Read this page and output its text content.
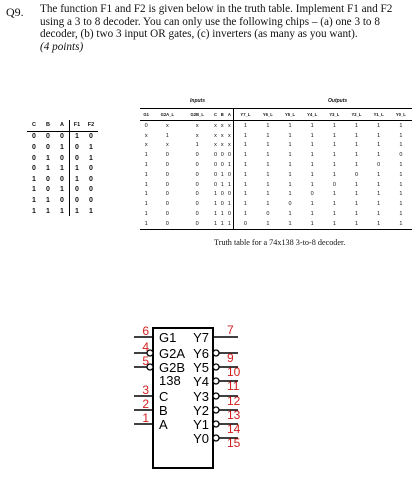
Q9. The function F1 and F2 is given below in the truth table. Implement F1 and F2 using a 3 to 8 decoder. You can only use the following chips – (a) one 3 to 8 decoder, (b) two 3 input OR gates, (c) inverters (as many as you want).
(4 points)
C	B	A	F1	F2
0	0	0	1	0
0	0	1	0	1
0	1	0	0	1
0	1	1	1	0
1	0	0	1	0
1	0	1	0	0
1	1	0	0	0
1	1	1	1	1
Inputs	Outputs
G1	G2A_L	G2B_L	C	B	A	Y7_L	Y6_L	Y5_L	Y4_L	Y3_L	Y2_L	Y1_L	Y0_L
0	x	x	x	x	x	1	1	1	1	1	1	1	1
x	1	x	x	x	x	1	1	1	1	1	1	1	1
x	x	1	x	x	x	1	1	1	1	1	1	1	1
1	0	0	0	0	0	1	1	1	1	1	1	1	0
1	0	0	0	0	1	1	1	1	1	1	1	0	1
1	0	0	0	1	0	1	1	1	1	1	0	1	1
1	0	0	0	1	1	1	1	1	1	0	1	1	1
1	0	0	1	0	0	1	1	1	0	1	1	1	1
1	0	0	1	0	1	1	1	0	1	1	1	1	1
1	0	0	1	1	0	1	0	1	1	1	1	1	1
1	0	0	1	1	1	0	1	1	1	1	1	1	1
Truth table for a 74x138 3-to-8 decoder.
6 G1
4 G2A
5 G2B
3 C
2 B
1 A
138
Y7 7
Y6 9
Y5 10
Y4 11
Y3 12
Y2 13
Y1 14
Y0 15
